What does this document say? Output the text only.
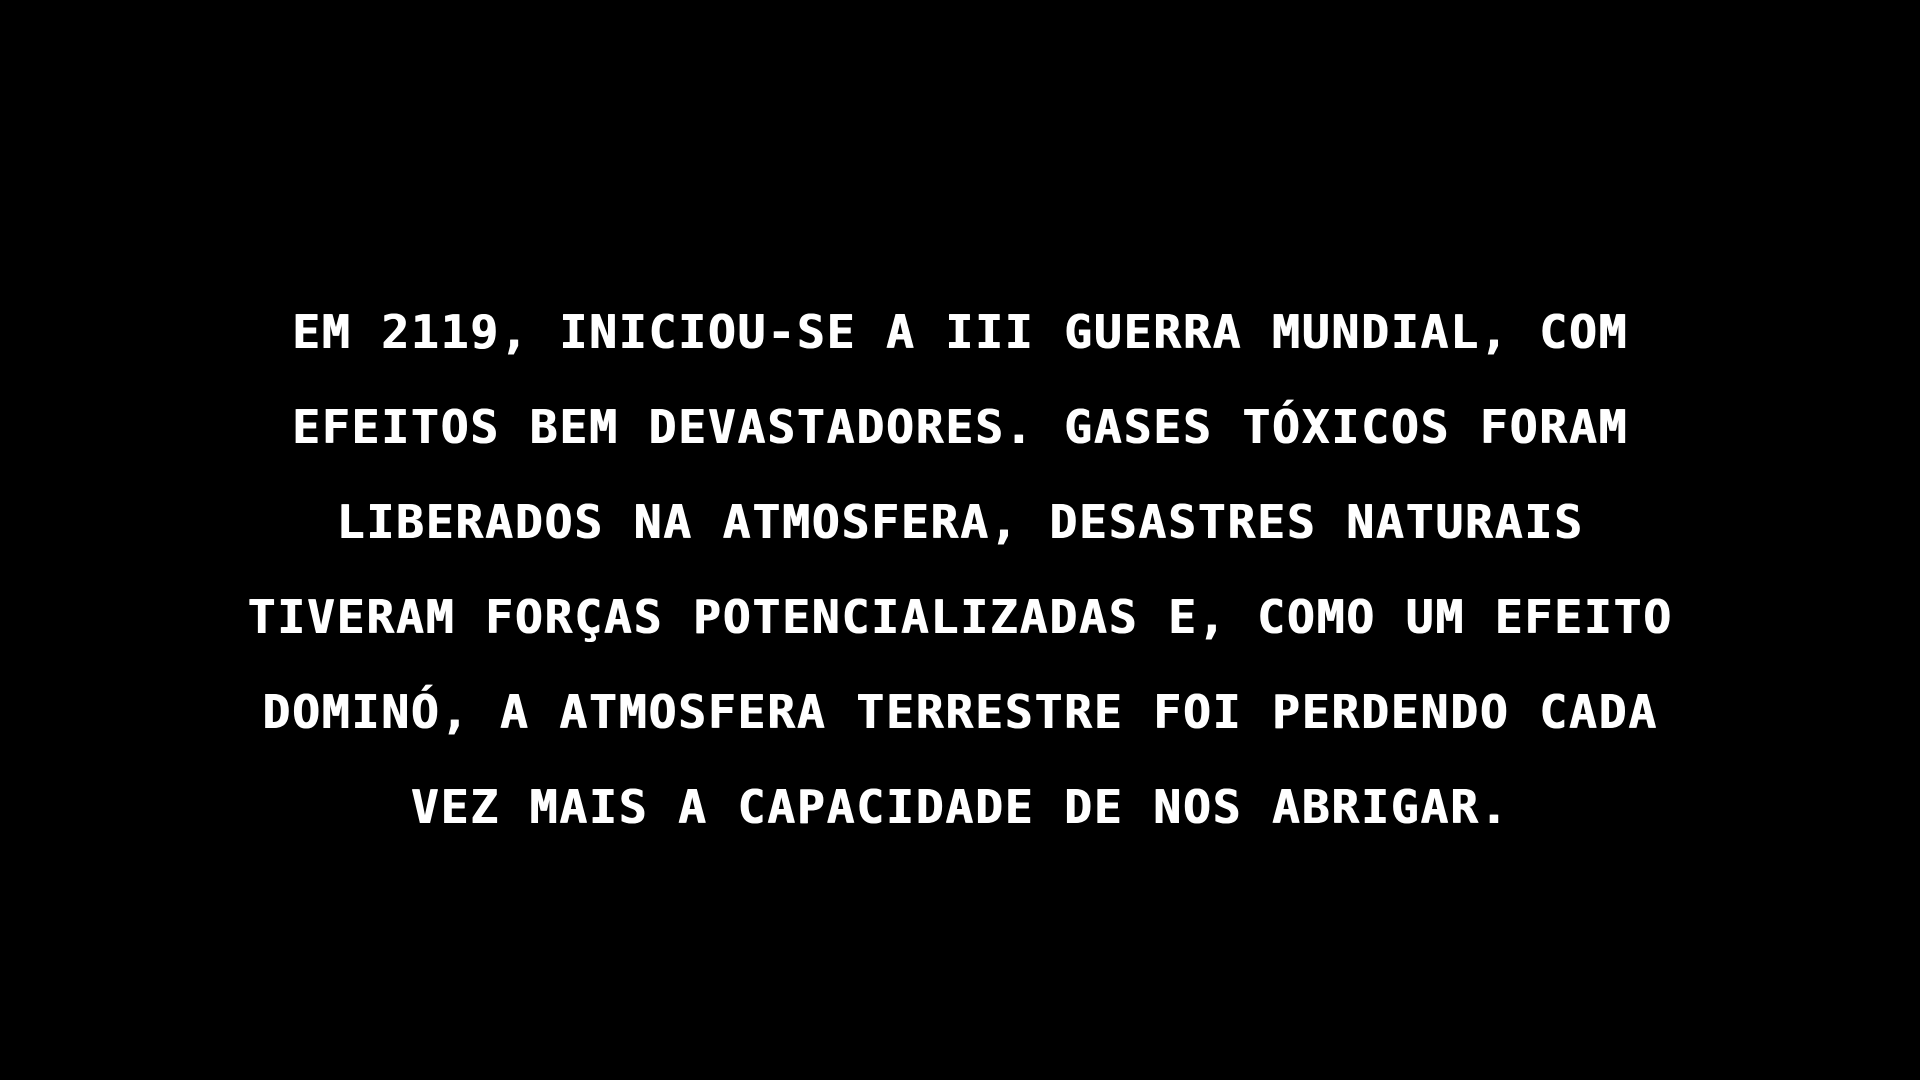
EM 2119, INICIOU-SE A III GUERRA MUNDIAL, COM
EFEITOS BEM DEVASTADORES. GASES TÓXICOS FORAM
LIBERADOS NA ATMOSFERA, DESASTRES NATURAIS
TIVERAM FORÇAS POTENCIALIZADAS E, COMO UM EFEITO
DOMINÓ, A ATMOSFERA TERRESTRE FOI PERDENDO CADA
VEZ MAIS A CAPACIDADE DE NOS ABRIGAR.
